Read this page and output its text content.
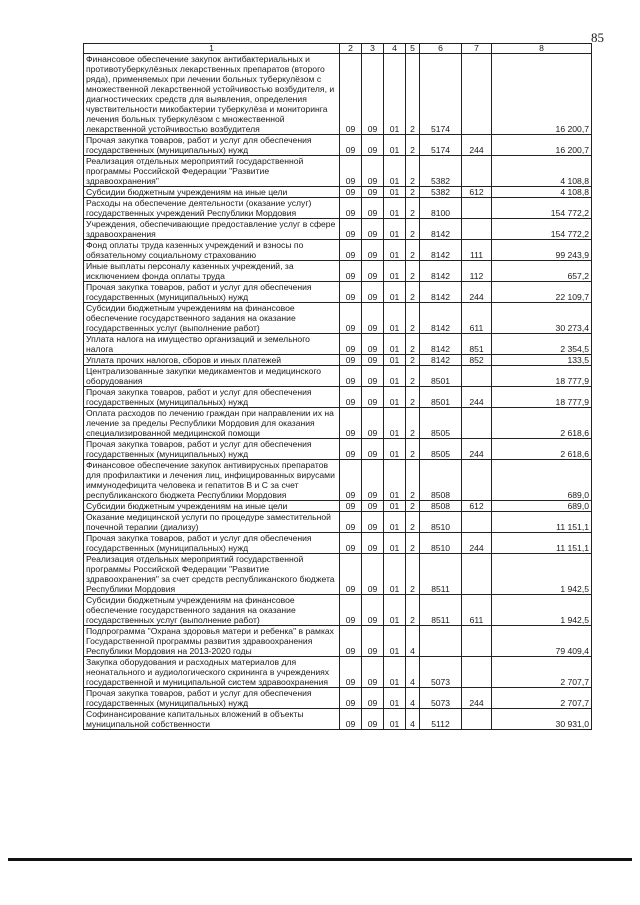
85
1	2	3	4	5	6	7	8
Финансовое обеспечение закупок антибактериальных и противотуберкулёзных лекарственных препаратов (второго ряда), применяемых при лечении больных туберкулёзом с множественной лекарственной устойчивостью возбудителя, и диагностических средств для выявления, определения чувствительности микобактерии туберкулёза и мониторинга лечения больных туберкулёзом с множественной лекарственной устойчивостью возбудителя	09	09	01	2	5174		16 200,7
Прочая закупка товаров, работ и услуг для обеспечения государственных (муниципальных) нужд	09	09	01	2	5174	244	16 200,7
Реализация отдельных мероприятий государственной программы Российской Федерации "Развитие здравоохранения"	09	09	01	2	5382		4 108,8
Субсидии бюджетным учреждениям на иные цели	09	09	01	2	5382	612	4 108,8
Расходы на обеспечение деятельности (оказание услуг) государственных учреждений Республики Мордовия	09	09	01	2	8100		154 772,2
Учреждения, обеспечивающие предоставление услуг в сфере здравоохранения	09	09	01	2	8142		154 772,2
Фонд оплаты труда казенных учреждений и взносы по обязательному социальному страхованию	09	09	01	2	8142	111	99 243,9
Иные выплаты персоналу казенных учреждений, за исключением фонда оплаты труда	09	09	01	2	8142	112	657,2
Прочая закупка товаров, работ и услуг для обеспечения государственных (муниципальных) нужд	09	09	01	2	8142	244	22 109,7
Субсидии бюджетным учреждениям на финансовое обеспечение государственного задания на оказание государственных услуг (выполнение работ)	09	09	01	2	8142	611	30 273,4
Уплата налога на имущество организаций и земельного налога	09	09	01	2	8142	851	2 354,5
Уплата прочих налогов, сборов и иных платежей	09	09	01	2	8142	852	133,5
Централизованные закупки медикаментов и медицинского оборудования	09	09	01	2	8501		18 777,9
Прочая закупка товаров, работ и услуг для обеспечения государственных (муниципальных) нужд	09	09	01	2	8501	244	18 777,9
Оплата расходов по лечению граждан при направлении их на лечение за пределы Республики Мордовия для оказания специализированной медицинской помощи	09	09	01	2	8505		2 618,6
Прочая закупка товаров, работ и услуг для обеспечения государственных (муниципальных) нужд	09	09	01	2	8505	244	2 618,6
Финансовое обеспечение закупок антивирусных препаратов для профилактики и лечения лиц, инфицированных вирусами иммунодефицита человека и гепатитов В и С за счет республиканского бюджета Республики Мордовия	09	09	01	2	8508		689,0
Субсидии бюджетным учреждениям на иные цели	09	09	01	2	8508	612	689,0
Оказание медицинской услуги по процедуре заместительной почечной терапии (диализу)	09	09	01	2	8510		11 151,1
Прочая закупка товаров, работ и услуг для обеспечения государственных (муниципальных) нужд	09	09	01	2	8510	244	11 151,1
Реализация отдельных мероприятий государственной программы Российской Федерации "Развитие здравоохранения" за счет средств республиканского бюджета Республики Мордовия	09	09	01	2	8511		1 942,5
Субсидии бюджетным учреждениям на финансовое обеспечение государственного задания на оказание государственных услуг (выполнение работ)	09	09	01	2	8511	611	1 942,5
Подпрограмма "Охрана здоровья матери и ребенка" в рамках Государственной программы развития здравоохранения Республики Мордовия на 2013-2020 годы	09	09	01	4			79 409,4
Закупка оборудования и расходных материалов для неонатального и аудиологического скрининга в учреждениях государственной и муниципальной систем здравоохранения	09	09	01	4	5073		2 707,7
Прочая закупка товаров, работ и услуг для обеспечения государственных (муниципальных) нужд	09	09	01	4	5073	244	2 707,7
Софинансирование капитальных вложений в объекты муниципальной собственности	09	09	01	4	5112		30 931,0
